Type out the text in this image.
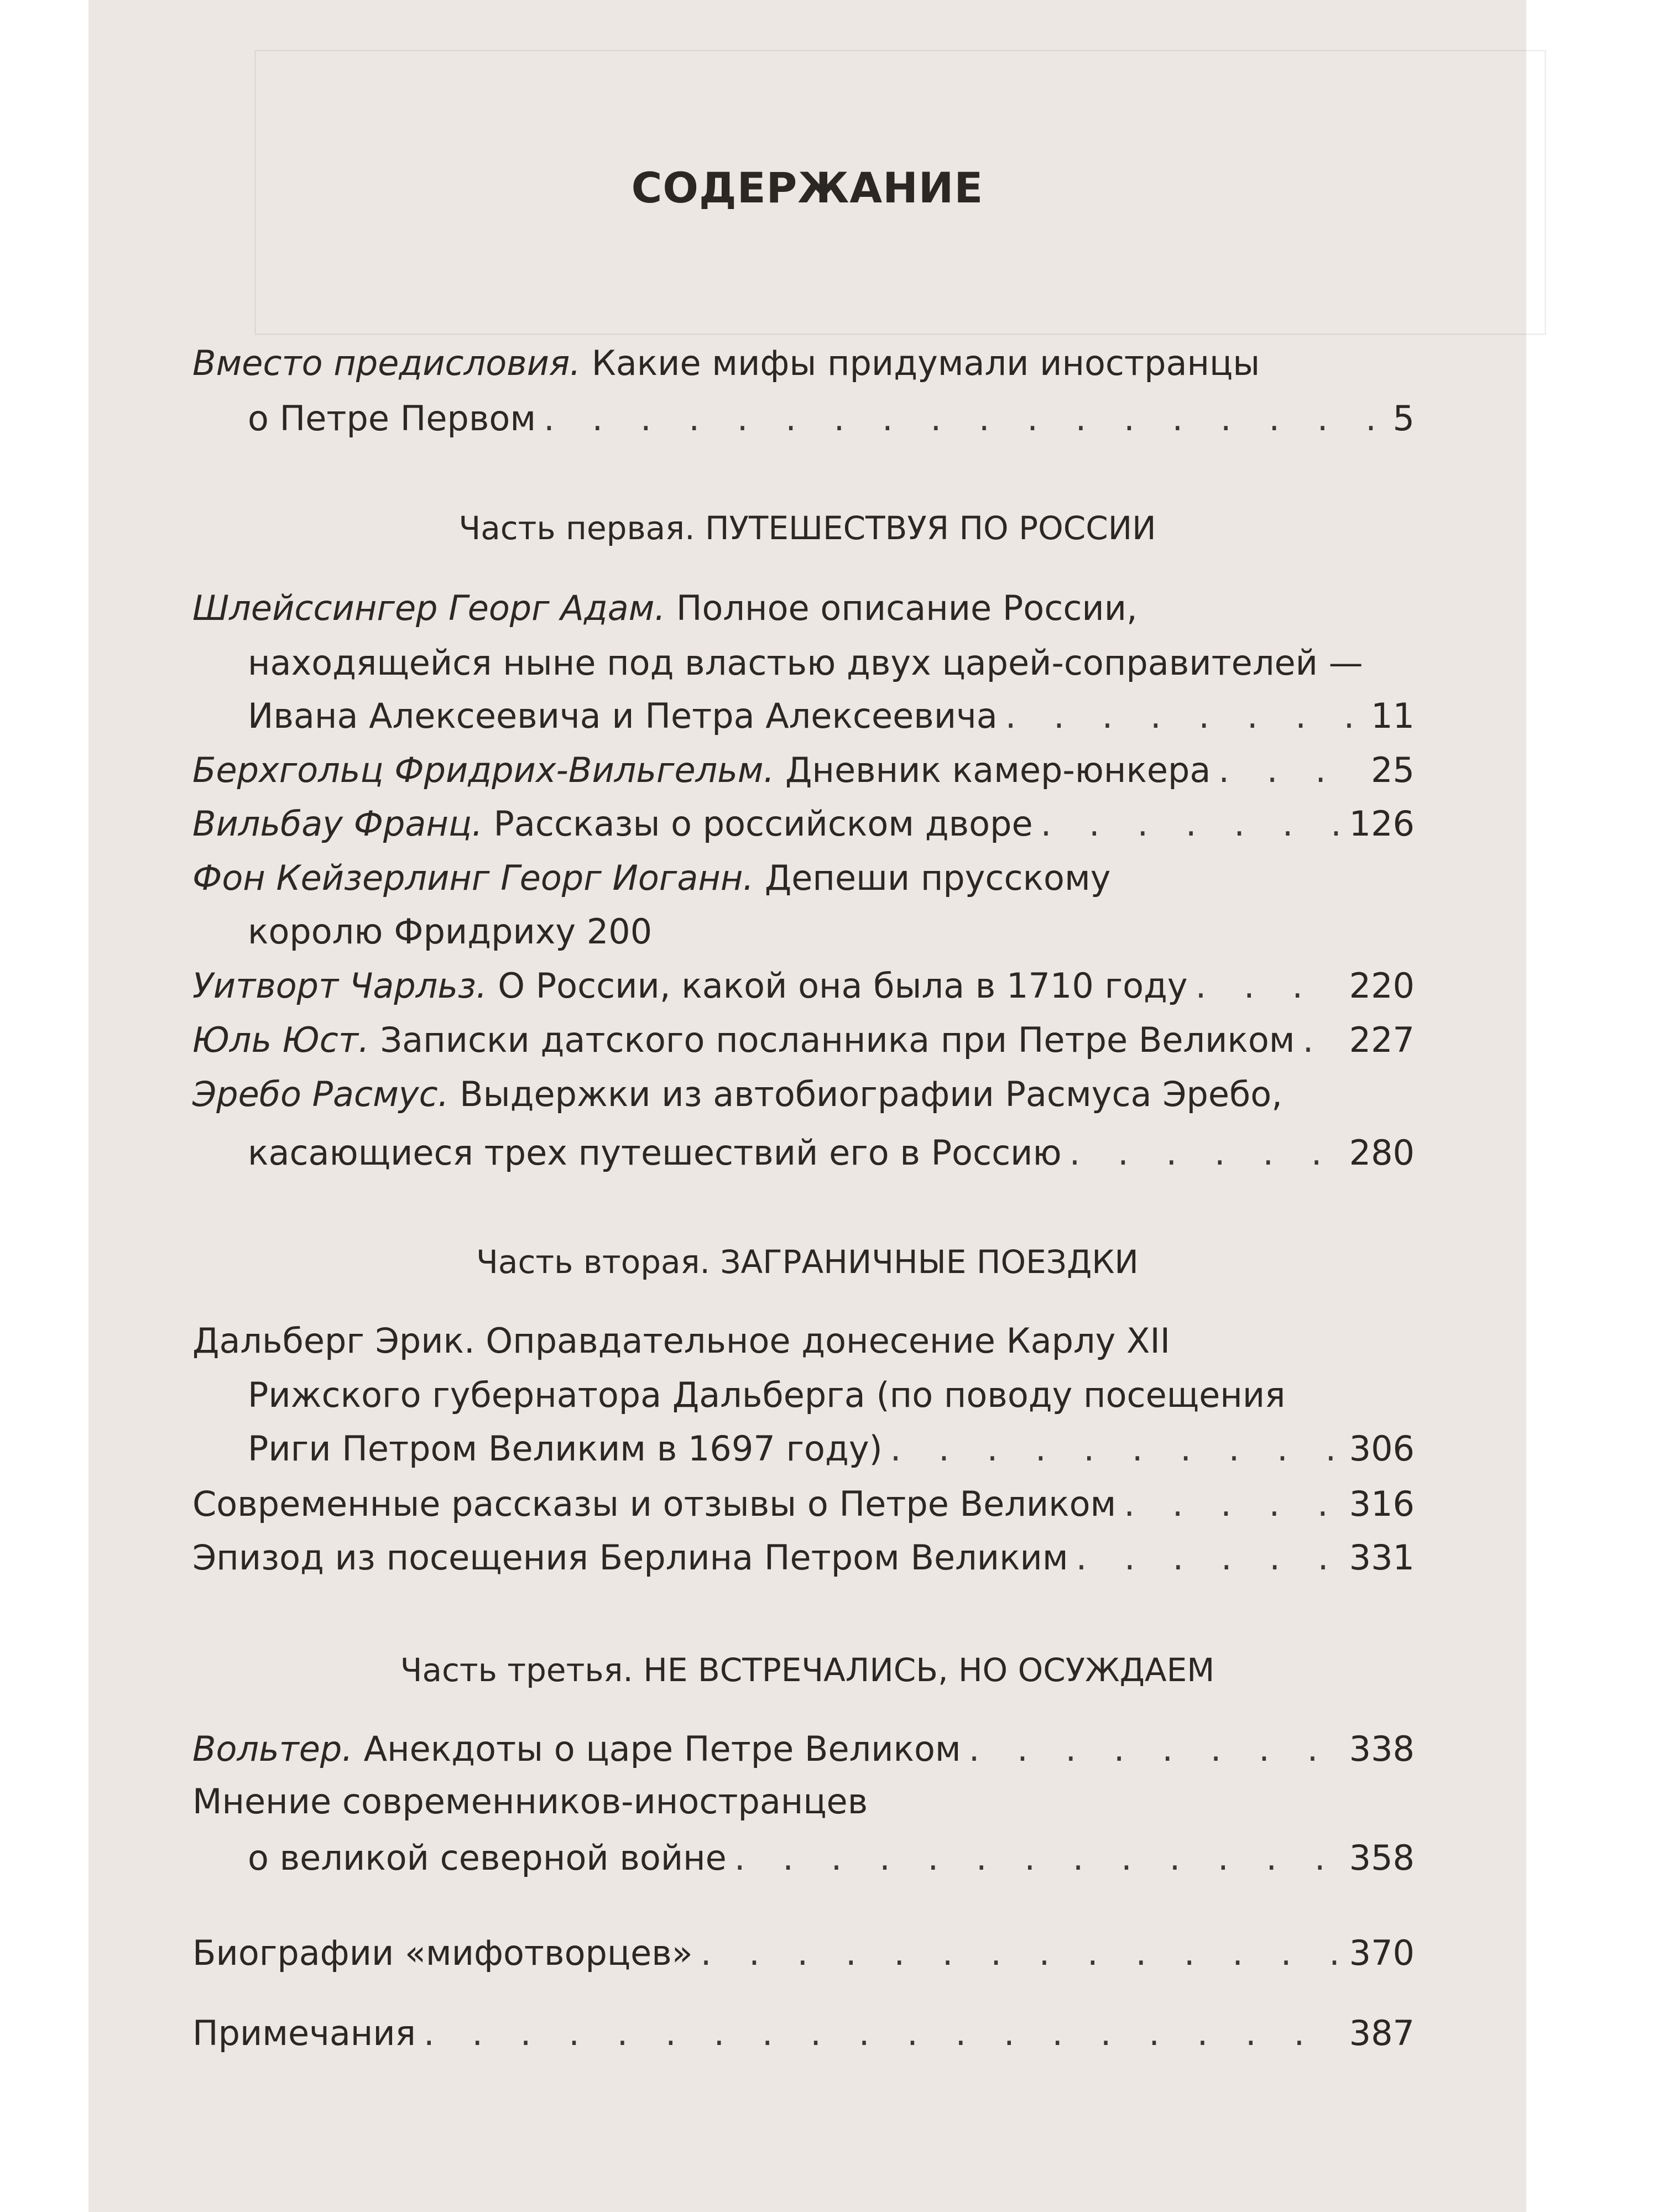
СОДЕРЖАНИЕ
Вместо предисловия. Какие мифы придумали иностранцы
о Петре Первом . . .	5
Часть первая. ПУТЕШЕСТВУЯ ПО РОССИИ
Шлейссингер Георг Адам. Полное описание России,
находящейся ныне под властью двух царей-соправителей —
Ивана Алексеевича и Петра Алексеевича . . .	11
Берхгольц Фридрих-Вильгельм. Дневник камер-юнкера . . .	25
Вильбау Франц. Рассказы о российском дворе . . .	126
Фон Кейзерлинг Георг Иоганн. Депеши прусскому
королю Фридриху 200
Уитворт Чарльз. О России, какой она была в 1710 году . . .	220
Юль Юст. Записки датского посланника при Петре Великом . . . 227
Эребо Расмус. Выдержки из автобиографии Расмуса Эребо,
касающиеся трех путешествий его в Россию . . .	280
Часть вторая. ЗАГРАНИЧНЫЕ ПОЕЗДКИ
Дальберг Эрик. Оправдательное донесение Карлу XII
Рижского губернатора Дальберга (по поводу посещения
Риги Петром Великим в 1697 году) . . .	306
Современные рассказы и отзывы о Петре Великом . . .	316
Эпизод из посещения Берлина Петром Великим . . .	331
Часть третья. НЕ ВСТРЕЧАЛИСЬ, НО ОСУЖДАЕМ
Вольтер. Анекдоты о царе Петре Великом . . .	338
Мнение современников-иностранцев
о великой северной войне . . .	358
Биографии «мифотворцев» . . .	370
Примечания . . .	387
